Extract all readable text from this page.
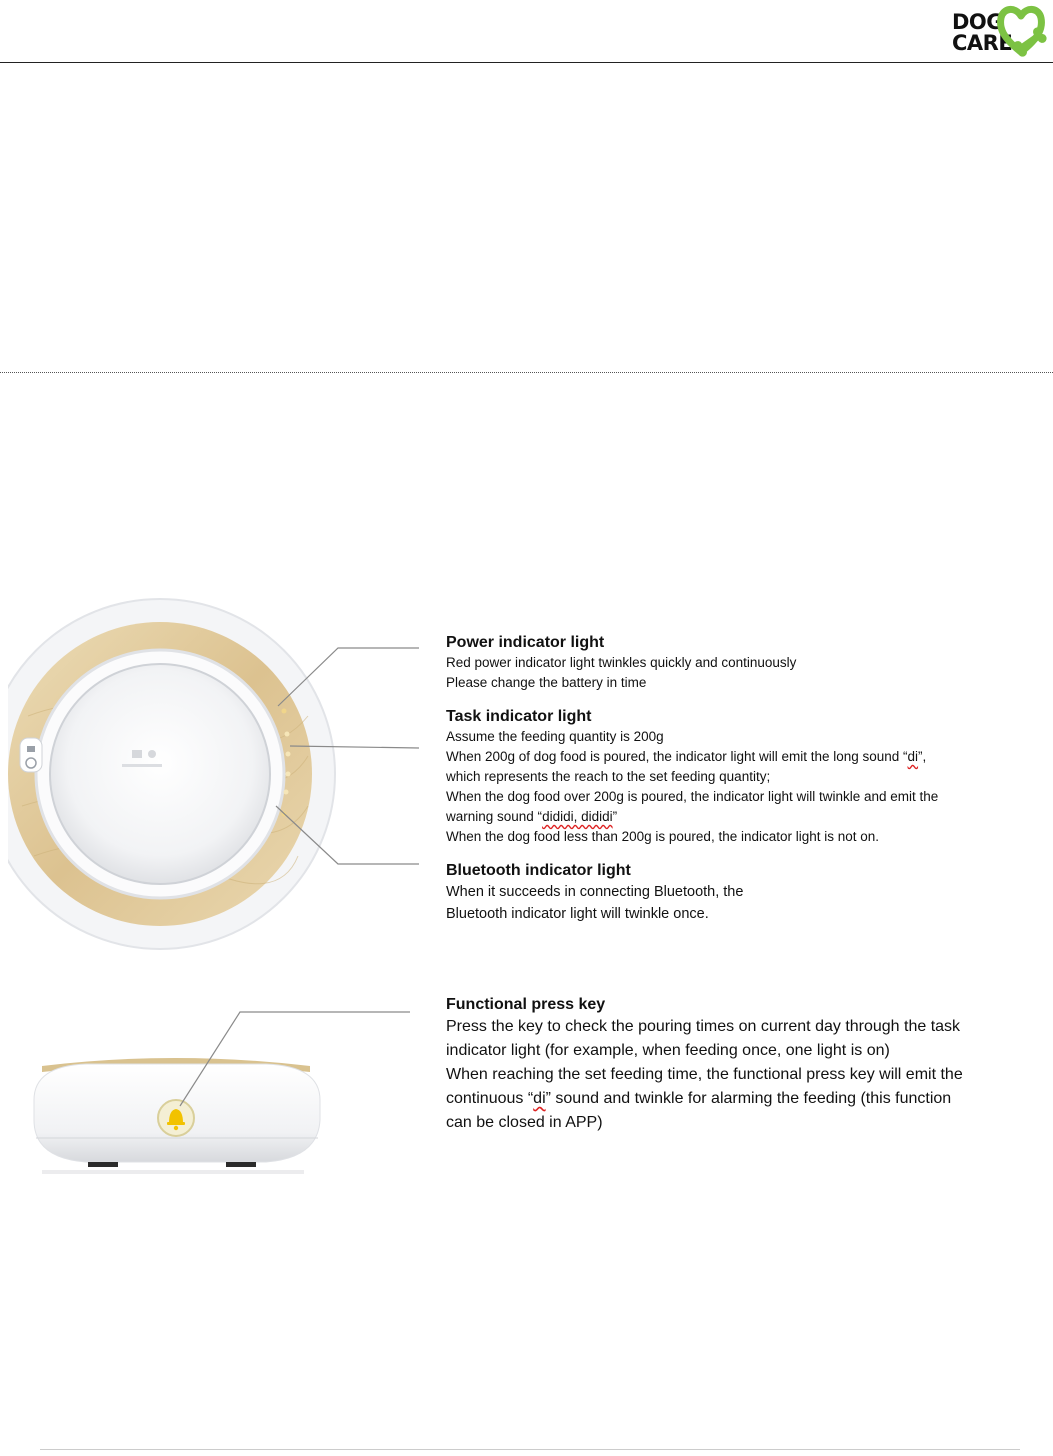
DOG
CARE
Power indicator light
Red power indicator light twinkles quickly and continuously
Please change the battery in time
Task indicator light
Assume the feeding quantity is 200g
When 200g of dog food is poured, the indicator light will emit the long sound “di”,
which represents the reach to the set feeding quantity;
When the dog food over 200g is poured, the indicator light will twinkle and emit the
warning sound “dididi, dididi”
When the dog food less than 200g is poured, the indicator light is not on.
Bluetooth indicator light
When it succeeds in connecting Bluetooth, the
Bluetooth indicator light will twinkle once.
Functional press key
Press the key to check the pouring times on current day through the task
indicator light (for example, when feeding once, one light is on)
When reaching the set feeding time, the functional press key will emit the
continuous “di” sound and twinkle for alarming the feeding (this function
can be closed in APP)
